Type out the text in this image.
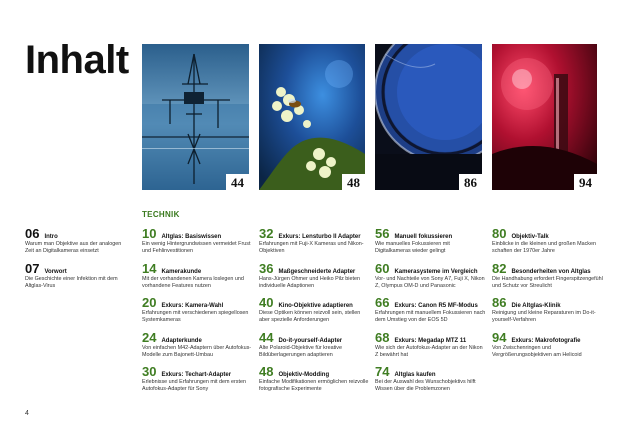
Inhalt
44	48	86	94
TECHNIK
06 Intro
Warum man Objektive aus der analogen Zeit an Digitalkameras einsetzt
07 Vorwort
Die Geschichte einer Infektion mit dem Altglas-Virus
10 Altglas: Basiswissen
Ein wenig Hintergrundwissen vermeidet Frust und Fehlinvestitionen
14 Kamerakunde
Mit der vorhandenen Kamera loslegen und vorhandene Features nutzen
20 Exkurs: Kamera-Wahl
Erfahrungen mit verschiedenen spiegellosen Systemkameras
24 Adapterkunde
Von einfachen M42-Adaptern über Autofokus-Modelle zum Bajonett-Umbau
30 Exkurs: Techart-Adapter
Erlebnisse und Erfahrungen mit dem ersten Autofokus-Adapter für Sony
32 Exkurs: Lensturbo II Adapter
Erfahrungen mit Fuji-X Kameras und Nikon-Objektiven
36 Maßgeschneiderte Adapter
Hans-Jürgen Ohmer und Heiko Pilz bieten individuelle Adaptionen
40 Kino-Objektive adaptieren
Diese Optiken können reizvoll sein, stellen aber spezielle Anforderungen
44 Do-it-yourself-Adapter
Alte Polaroid-Objektive für kreative Bildüberlagerungen adaptieren
48 Objektiv-Modding
Einfache Modifikationen ermöglichen reizvolle fotografische Experimente
56 Manuell fokussieren
Wie manuelles Fokussieren mit Digitalkameras wieder gelingt
60 Kamerasysteme im Vergleich
Vor- und Nachteile von Sony A7, Fuji X, Nikon Z, Olympus OM-D und Panasonic
66 Exkurs: Canon R5 MF-Modus
Erfahrungen mit manuellem Fokussieren nach dem Umstieg von der EOS 5D
68 Exkurs: Megadap MTZ 11
Wie sich der Autofokus-Adapter an der Nikon Z bewährt hat
74 Altglas kaufen
Bei der Auswahl des Wunschobjektivs hilft Wissen über die Problemzonen
80 Objektiv-Talk
Einblicke in die kleinen und großen Macken schaften der 1970er Jahre
82 Besonderheiten von Altglas
Die Handhabung erfordert Fingerspitzengefühl und Schutz vor Streulicht
86 Die Altglas-Klinik
Reinigung und kleine Reparaturen im Do-it-yourself-Verfahren
94 Exkurs: Makrofotografie
Von Zwischenringen und Vergrößerungsobjektiven am Helicoid
4
